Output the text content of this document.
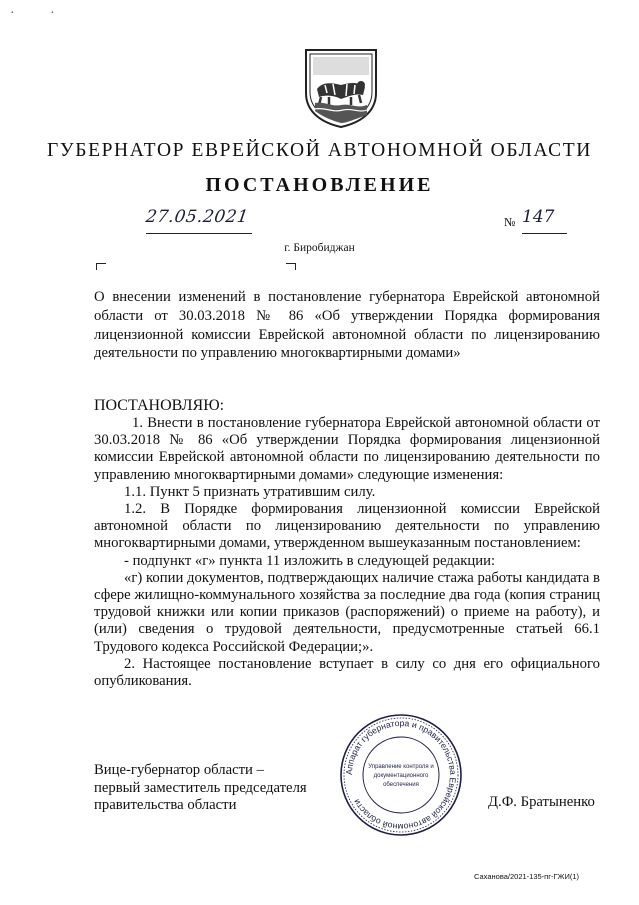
· ·
ГУБЕРНАТОР ЕВРЕЙСКОЙ АВТОНОМНОЙ ОБЛАСТИ
ПОСТАНОВЛЕНИЕ
27.05.2021	№ 147
г. Биробиджан
О внесении изменений в постановление губернатора Еврейской автономной области от 30.03.2018 № 86 «Об утверждении Порядка формирования лицензионной комиссии Еврейской автономной области по лицензированию деятельности по управлению многоквартирными домами»

ПОСТАНОВЛЯЮ:

1. Внести в постановление губернатора Еврейской автономной области от 30.03.2018 № 86 «Об утверждении Порядка формирования лицензионной комиссии Еврейской автономной области по лицензированию деятельности по управлению многоквартирными домами» следующие изменения:

1.1. Пункт 5 признать утратившим силу.

1.2. В Порядке формирования лицензионной комиссии Еврейской автономной области по лицензированию деятельности по управлению многоквартирными домами, утвержденном вышеуказанным постановлением:

- подпункт «г» пункта 11 изложить в следующей редакции:

«г) копии документов, подтверждающих наличие стажа работы кандидата в сфере жилищно-коммунального хозяйства за последние два года (копия страниц трудовой книжки или копии приказов (распоряжений) о приеме на работу), и (или) сведения о трудовой деятельности, предусмотренные статьей 66.1 Трудового кодекса Российской Федерации;».

2. Настоящее постановление вступает в силу со дня его официального опубликования.

Вице-губернатор области –
первый заместитель председателя
правительства области	Д.Ф. Братыненко
Аппарат губернатора и правительства Еврейской автономной области
Управление контроля и
документационного
обеспечения
Саханова/2021-135-пг-ГЖИ(1)
